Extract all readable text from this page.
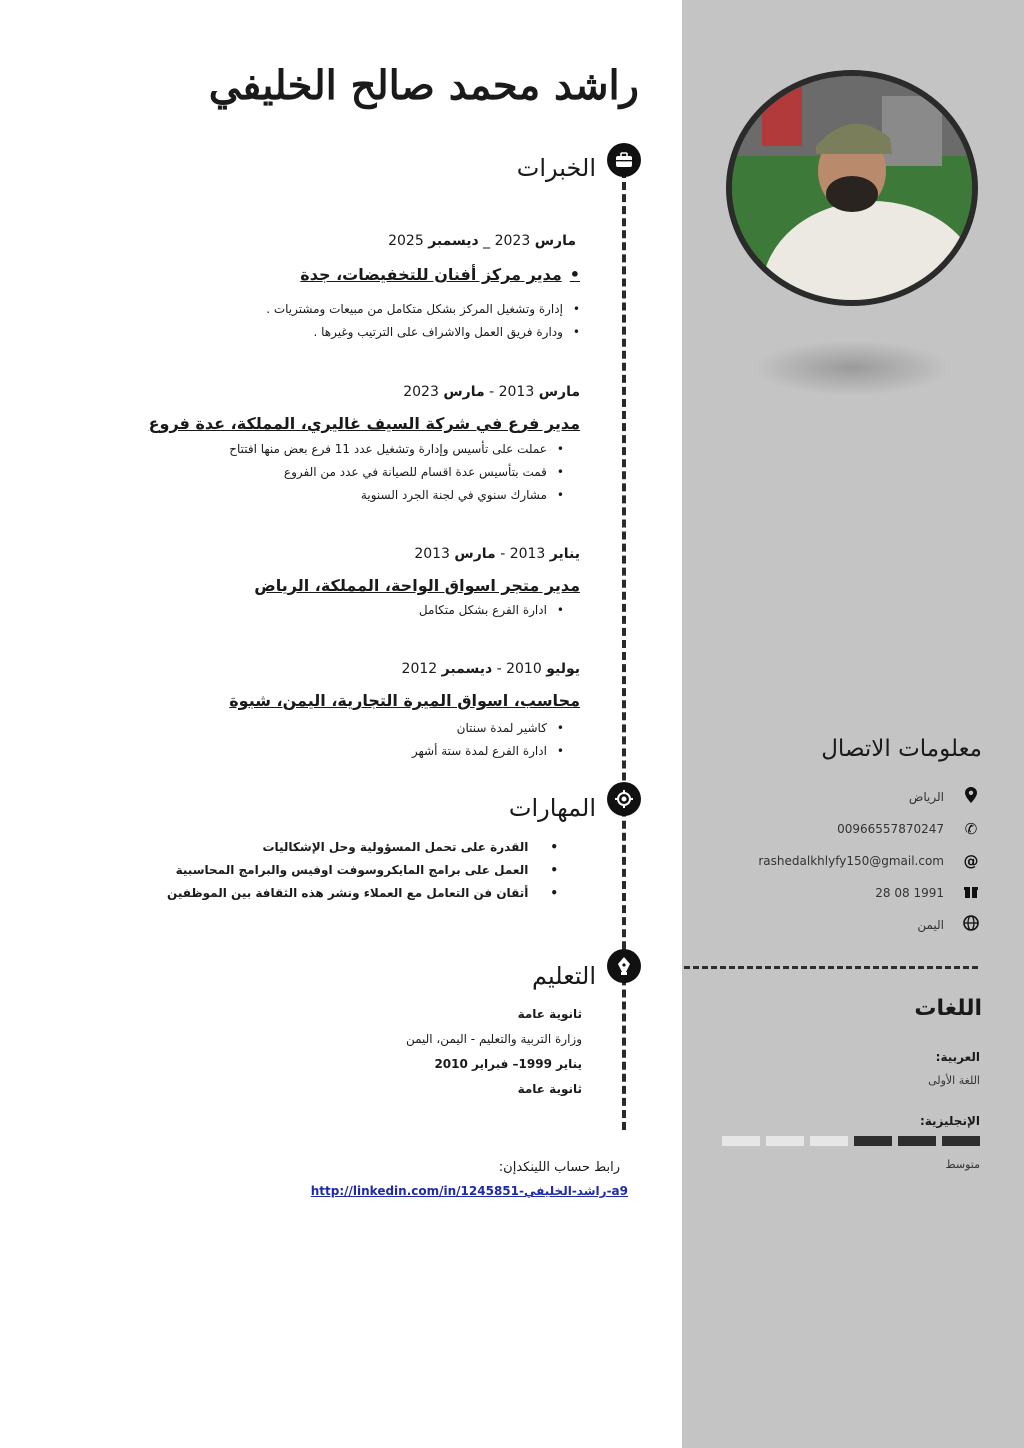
راشد محمد صالح الخليفي
الخبرات
المهارات
التعليم
مارس 2023 _ ديسمبر 2025
•مدير مركز أفنان للتخفيضات، جدة
• إدارة وتشغيل المركز بشكل متكامل من مبيعات ومشتريات .
• ودارة فريق العمل والاشراف على الترتيب وغيرها .
مارس 2013 - مارس 2023
مدير فرع في شركة السيف غاليري، المملكة، عدة فروع
• عملت على تأسيس وإدارة وتشغيل عدد 11 فرع بعض منها افتتاح
• قمت بتأسيس عدة اقسام للصيانة في عدد من الفروع
• مشارك سنوي في لجنة الجرد السنوية
يناير 2013 - مارس 2013
مدير متجر اسواق الواحة، المملكة، الرياض
• ادارة الفرع بشكل متكامل
يوليو 2010 - ديسمبر 2012
محاسب، اسواق الميرة التجارية، اليمن، شبوة
• كاشير لمدة سنتان
• ادارة الفرع لمدة ستة أشهر
• القدرة على تحمل المسؤولية وحل الإشكاليات
• العمل على برامج المايكروسوفت اوفيس والبرامج المحاسبية
• أتقان فن التعامل مع العملاء ونشر هذه الثقافة بين الموظفين
ثانوية عامة
وزارة التربية والتعليم - اليمن، اليمن
يناير 1999– فبراير 2010
ثانوية عامة
رابط حساب اللينكدإن:
http://linkedin.com/in/1245851-راشد-الخليفي-a9
معلومات الاتصال
الرياض
✆
00966557870247
@
rashedalkhlyfy150@gmail.com
28 08 1991
اليمن
اللغات
العربية:
اللغة الأولى
الإنجليزية:
متوسط
